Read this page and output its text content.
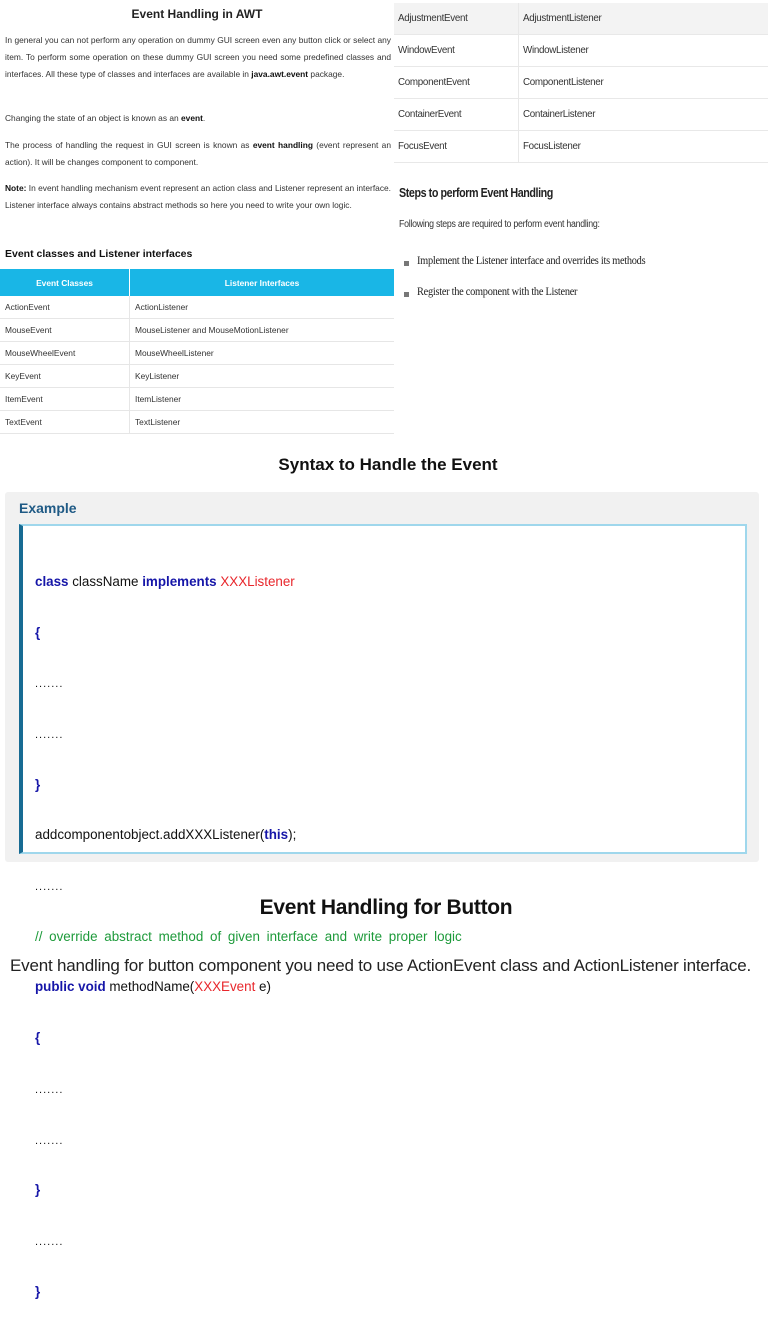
Event Handling in AWT
In general you can not perform any operation on dummy GUI screen even any button click or select any item. To perform some operation on these dummy GUI screen you need some predefined classes and interfaces. All these type of classes and interfaces are available in java.awt.event package.
Changing the state of an object is known as an event.
The process of handling the request in GUI screen is known as event handling (event represent an action). It will be changes component to component.
Note: In event handling mechanism event represent an action class and Listener represent an interface. Listener interface always contains abstract methods so here you need to write your own logic.
Event classes and Listener interfaces
Event Classes	Listener Interfaces
ActionEvent	ActionListener
MouseEvent	MouseListener and MouseMotionListener
MouseWheelEvent	MouseWheelListener
KeyEvent	KeyListener
ItemEvent	ItemListener
TextEvent	TextListener
AdjustmentEvent	AdjustmentListener
WindowEvent	WindowListener
ComponentEvent	ComponentListener
ContainerEvent	ContainerListener
FocusEvent	FocusListener
Steps to perform Event Handling
Following steps are required to perform event handling:
Implement the Listener interface and overrides its methods
Register the component with the Listener
Syntax to Handle the Event
Example

class className implements XXXListener

{

.......

.......

}

addcomponentobject.addXXXListener(this);

.......

// override abstract method of given interface and write proper logic

public void methodName(XXXEvent e)

{

.......

.......

}

.......

}

Event Handling for Button
Event handling for button component you need to use ActionEvent class and ActionListener interface.
